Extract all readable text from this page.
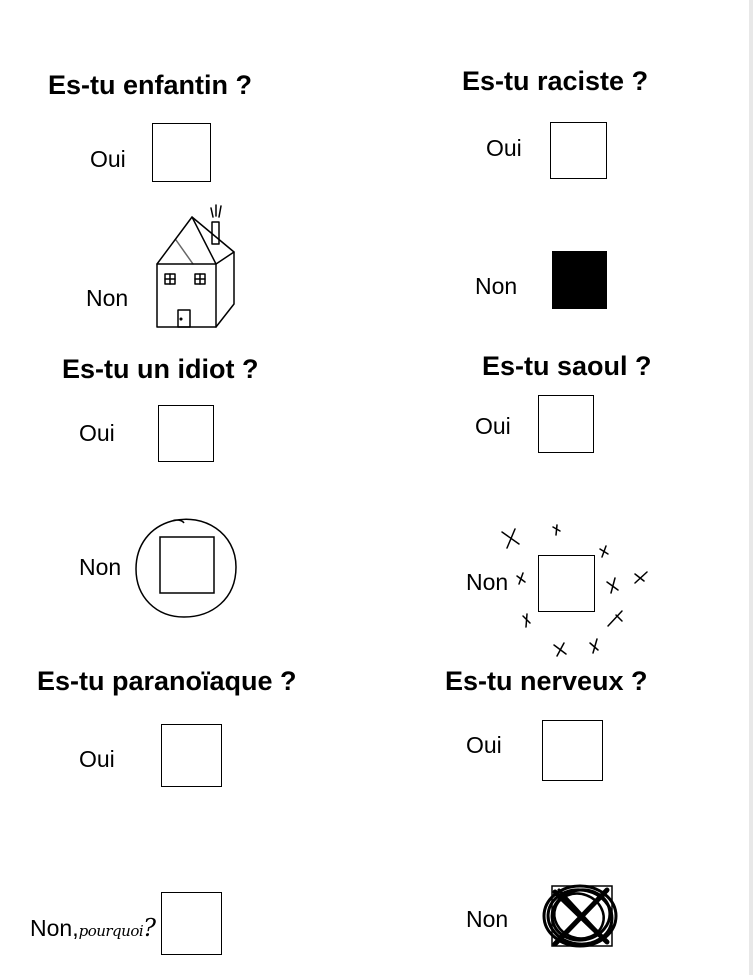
Es-tu enfantin ?
Oui
Non
Es-tu raciste ?
Oui
Non
Es-tu un idiot ?
Oui
Non
Es-tu saoul ?
Oui
Non
Es-tu paranoïaque ?
Oui
Non,pourquoi?
Es-tu nerveux ?
Oui
Non
